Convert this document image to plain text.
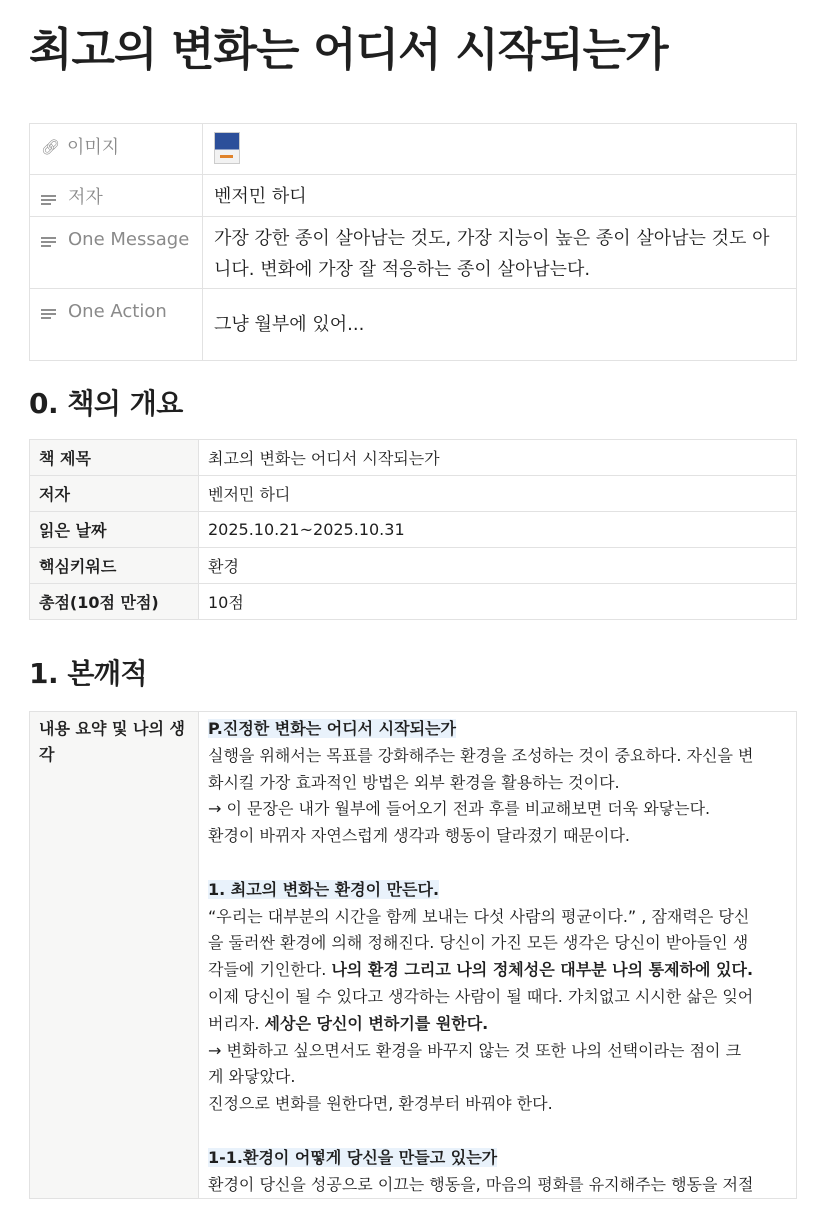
최고의 변화는 어디서 시작되는가
🔗︎ 이미지	

저자	벤저민 하디

One Message	가장 강한 종이 살아남는 것도, 가장 지능이 높은 종이 살아남는 것도 아니다. 변화에 가장 잘 적응하는 종이 살아남는다.

One Action	그냥 월부에 있어...
0. 책의 개요
책 제목	최고의 변화는 어디서 시작되는가
저자	벤저민 하디
읽은 날짜	2025.10.21~2025.10.31
핵심키워드	환경
총점(10점 만점)	10점
1. 본깨적
내용 요약 및 나의 생각	

P.진정한 변화는 어디서 시작되는가

실행을 위해서는 목표를 강화해주는 환경을 조성하는 것이 중요하다. 자신을 변

화시킬 가장 효과적인 방법은 외부 환경을 활용하는 것이다.

→ 이 문장은 내가 월부에 들어오기 전과 후를 비교해보면 더욱 와닿는다.

환경이 바뀌자 자연스럽게 생각과 행동이 달라졌기 때문이다.

1. 최고의 변화는 환경이 만든다.

“우리는 대부분의 시간을 함께 보내는 다섯 사람의 평균이다.” , 잠재력은 당신

을 둘러싼 환경에 의해 정해진다. 당신이 가진 모든 생각은 당신이 받아들인 생

각들에 기인한다. 나의 환경 그리고 나의 정체성은 대부분 나의 통제하에 있다.

이제 당신이 될 수 있다고 생각하는 사람이 될 때다. 가치없고 시시한 삶은 잊어

버리자. 세상은 당신이 변하기를 원한다.

→ 변화하고 싶으면서도 환경을 바꾸지 않는 것 또한 나의 선택이라는 점이 크

게 와닿았다.

진정으로 변화를 원한다면, 환경부터 바꿔야 한다.

1-1.환경이 어떻게 당신을 만들고 있는가

환경이 당신을 성공으로 이끄는 행동을, 마음의 평화를 유지해주는 행동을 저절
